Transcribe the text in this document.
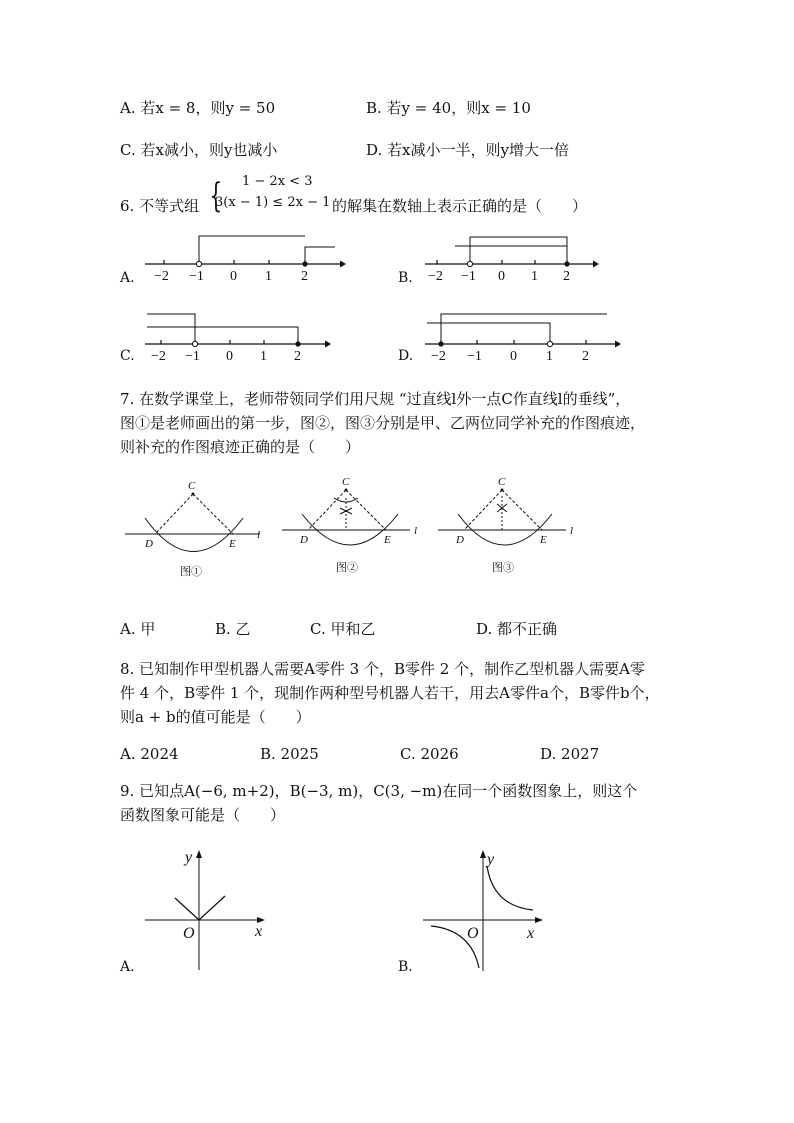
A. 若x = 8，则y = 50	B. 若y = 40，则x = 10
C. 若x减小，则y也减小	D. 若x减小一半，则y增大一倍
6. 不等式组 { 1 − 2x < 3
3(x − 1) ≤ 2x − 1 的解集在数轴上表示正确的是（　　）
A. −2 −1 0 1 2	B. −2 −1 0 1 2
C. −2 −1 0 1 2	D. −2 −1 0 1 2
7. 在数学课堂上，老师带领同学们用尺规 “过直线l外一点C作直线l的垂线”，
图①是老师画出的第一步，图②，图③分别是甲、乙两位同学补充的作图痕迹，
则补充的作图痕迹正确的是（　　）
C
D	E
l
图①
C
D	E
l
图②
C
D	E
l
图③
A. 甲	B. 乙	C. 甲和乙	D. 都不正确
8. 已知制作甲型机器人需要A零件 3 个，B零件 2 个，制作乙型机器人需要A零
件 4 个，B零件 1 个，现制作两种型号机器人若干，用去A零件a个，B零件b个，
则a + b的值可能是（　　）
A. 2024	B. 2025	C. 2026	D. 2027
9. 已知点A(−6, m+2)，B(−3, m)，C(3, −m)在同一个函数图象上，则这个
函数图象可能是（　　）
A.
y
x
O
y
x
O
B.
